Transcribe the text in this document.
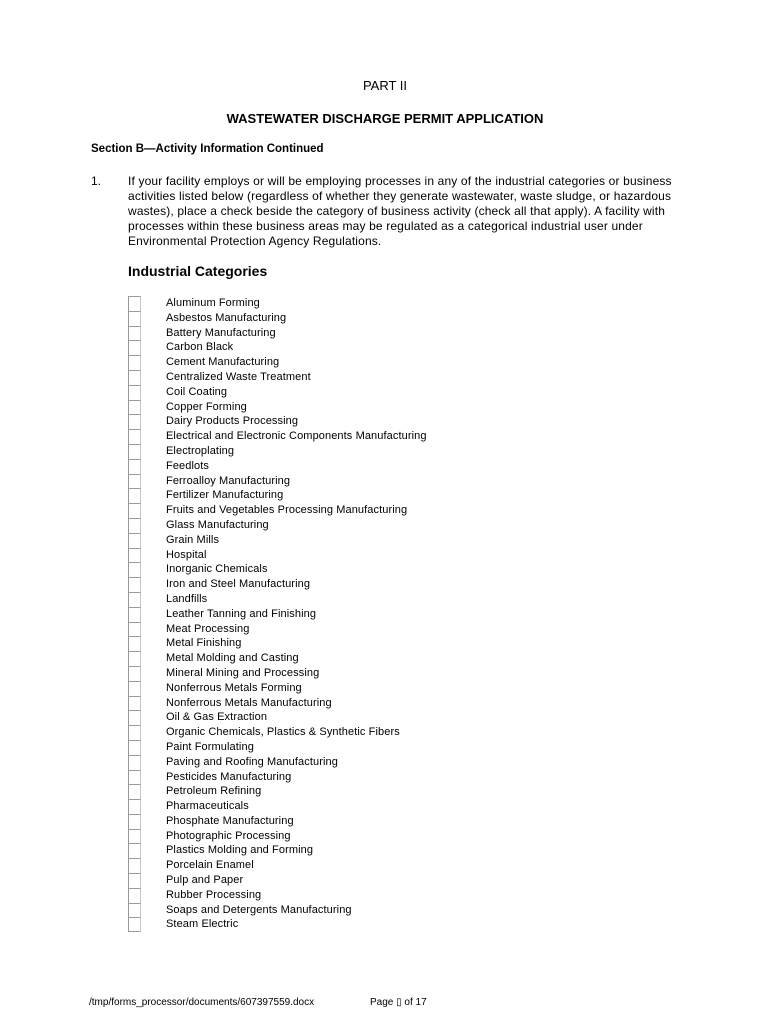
PART II
WASTEWATER DISCHARGE PERMIT APPLICATION
Section B—Activity Information Continued
1. If your facility employs or will be employing processes in any of the industrial categories or business activities listed below (regardless of whether they generate wastewater, waste sludge, or hazardous wastes), place a check beside the category of business activity (check all that apply). A facility with processes within these business areas may be regulated as a categorical industrial user under Environmental Protection Agency Regulations.
Industrial Categories
Aluminum Forming
Asbestos Manufacturing
Battery Manufacturing
Carbon Black
Cement Manufacturing
Centralized Waste Treatment
Coil Coating
Copper Forming
Dairy Products Processing
Electrical and Electronic Components Manufacturing
Electroplating
Feedlots
Ferroalloy Manufacturing
Fertilizer Manufacturing
Fruits and Vegetables Processing Manufacturing
Glass Manufacturing
Grain Mills
Hospital
Inorganic Chemicals
Iron and Steel Manufacturing
Landfills
Leather Tanning and Finishing
Meat Processing
Metal Finishing
Metal Molding and Casting
Mineral Mining and Processing
Nonferrous Metals Forming
Nonferrous Metals Manufacturing
Oil & Gas Extraction
Organic Chemicals, Plastics & Synthetic Fibers
Paint Formulating
Paving and Roofing Manufacturing
Pesticides Manufacturing
Petroleum Refining
Pharmaceuticals
Phosphate Manufacturing
Photographic Processing
Plastics Molding and Forming
Porcelain Enamel
Pulp and Paper
Rubber Processing
Soaps and Detergents Manufacturing
Steam Electric
/tmp/forms_processor/documents/607397559.docx	Page ▯ of 17
